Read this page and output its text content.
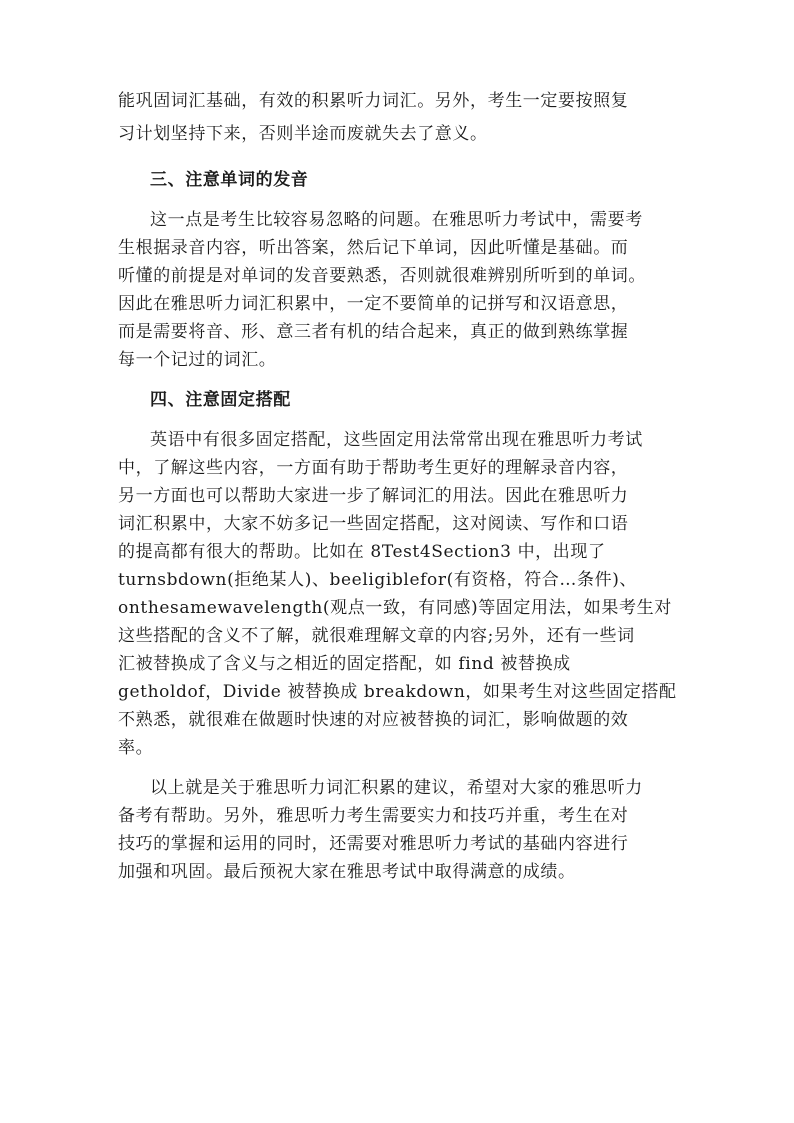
能巩固词汇基础，有效的积累听力词汇。另外，考生一定要按照复
习计划坚持下来，否则半途而废就失去了意义。
三、注意单词的发音
这一点是考生比较容易忽略的问题。在雅思听力考试中，需要考
生根据录音内容，听出答案，然后记下单词，因此听懂是基础。而
听懂的前提是对单词的发音要熟悉，否则就很难辨别所听到的单词。
因此在雅思听力词汇积累中，一定不要简单的记拼写和汉语意思，
而是需要将音、形、意三者有机的结合起来，真正的做到熟练掌握
每一个记过的词汇。
四、注意固定搭配
英语中有很多固定搭配，这些固定用法常常出现在雅思听力考试
中，了解这些内容，一方面有助于帮助考生更好的理解录音内容，
另一方面也可以帮助大家进一步了解词汇的用法。因此在雅思听力
词汇积累中，大家不妨多记一些固定搭配，这对阅读、写作和口语
的提高都有很大的帮助。比如在 8Test4Section3 中，出现了
turnsbdown(拒绝某人)、beeligiblefor(有资格，符合…条件)、
onthesamewavelength(观点一致，有同感)等固定用法，如果考生对
这些搭配的含义不了解，就很难理解文章的内容;另外，还有一些词
汇被替换成了含义与之相近的固定搭配，如 find 被替换成
getholdof，Divide 被替换成 breakdown，如果考生对这些固定搭配
不熟悉，就很难在做题时快速的对应被替换的词汇，影响做题的效
率。
以上就是关于雅思听力词汇积累的建议，希望对大家的雅思听力
备考有帮助。另外，雅思听力考生需要实力和技巧并重，考生在对
技巧的掌握和运用的同时，还需要对雅思听力考试的基础内容进行
加强和巩固。最后预祝大家在雅思考试中取得满意的成绩。
